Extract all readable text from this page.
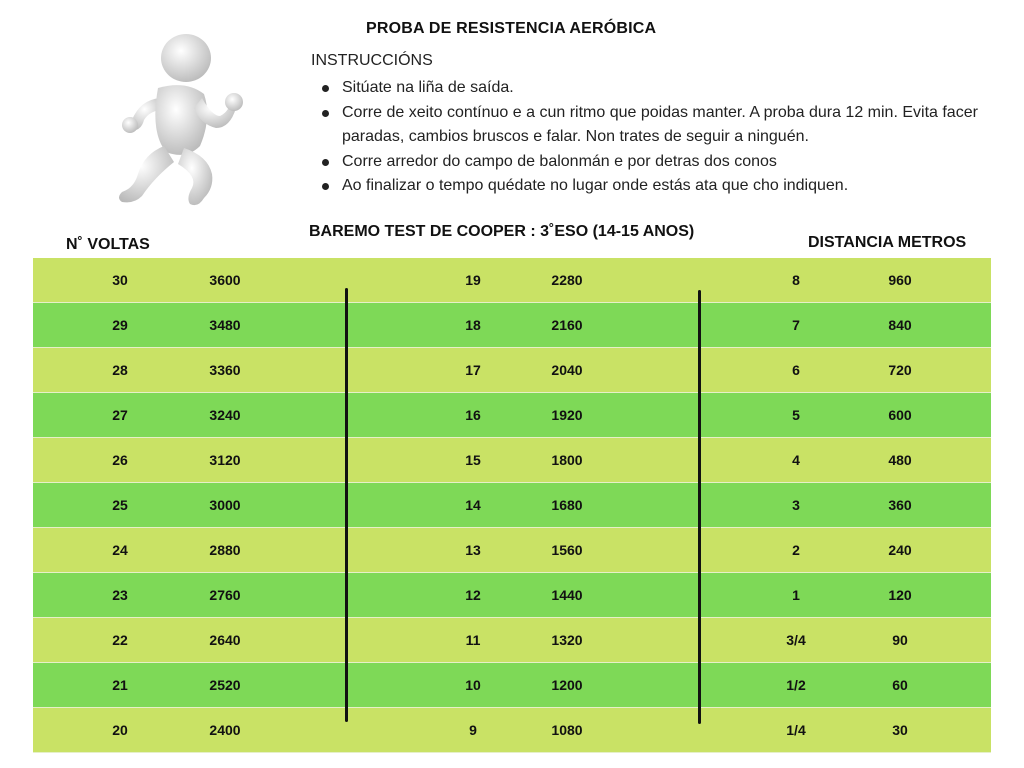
PROBA DE RESISTENCIA AERÓBICA
INSTRUCCIÓNS
Sitúate na liña de saída.
Corre de xeito contínuo e a cun ritmo que poidas manter. A proba dura 12 min. Evita facer paradas, cambios bruscos e falar. Non trates de seguir a ninguén.
Corre arredor do campo de balonmán e por detras dos conos
Ao finalizar o tempo quédate no lugar onde estás ata que cho indiquen.
BAREMO TEST DE COOPER : 3˚ESO (14-15 ANOS)
N˚ VOLTAS	DISTANCIA METROS
30	3600	19	2280	8	960
29	3480	18	2160	7	840
28	3360	17	2040	6	720
27	3240	16	1920	5	600
26	3120	15	1800	4	480
25	3000	14	1680	3	360
24	2880	13	1560	2	240
23	2760	12	1440	1	120
22	2640	11	1320	3/4	90
21	2520	10	1200	1/2	60
20	2400	9	1080	1/4	30
